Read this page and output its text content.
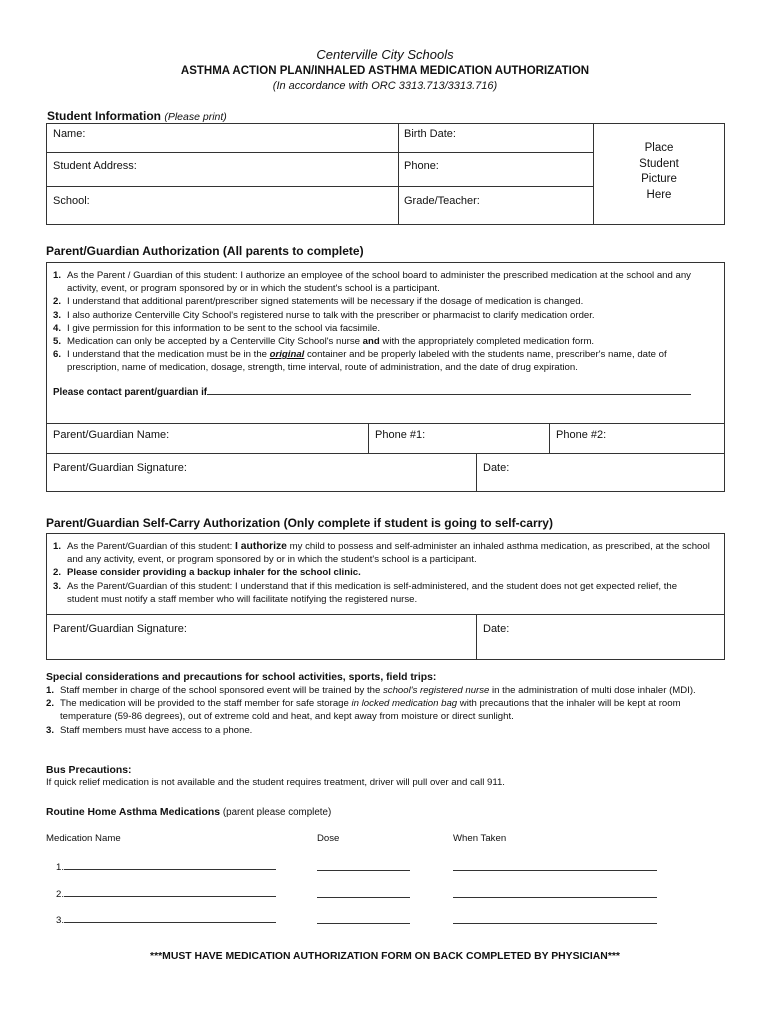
Centerville City Schools
ASTHMA ACTION PLAN/INHALED ASTHMA MEDICATION AUTHORIZATION
(In accordance with ORC 3313.713/3313.716)
Student Information (Please print)
Name:	Birth Date:
Student Address:	Phone:
School:	Grade/Teacher:
Place
Student
Picture
Here
Parent/Guardian Authorization (All parents to complete)
1. As the Parent / Guardian of this student: I authorize an employee of the school board to administer the prescribed medication at the school and any activity, event, or program sponsored by or in which the student's school is a participant.
2. I understand that additional parent/prescriber signed statements will be necessary if the dosage of medication is changed.
3. I also authorize Centerville City School's registered nurse to talk with the prescriber or pharmacist to clarify medication order.
4. I give permission for this information to be sent to the school via facsimile.
5. Medication can only be accepted by a Centerville City School's nurse and with the appropriately completed medication form.
6. I understand that the medication must be in the original container and be properly labeled with the students name, prescriber's name, date of prescription, name of medication, dosage, strength, time interval, route of administration, and the date of drug expiration.
Please contact parent/guardian if
Parent/Guardian Name:	Phone #1:	Phone #2:
Parent/Guardian Signature:	Date:
Parent/Guardian Self-Carry Authorization (Only complete if student is going to self-carry)
1. As the Parent/Guardian of this student: I authorize my child to possess and self-administer an inhaled asthma medication, as prescribed, at the school and any activity, event, or program sponsored by or in which the student's school is a participant.
2. Please consider providing a backup inhaler for the school clinic.
3. As the Parent/Guardian of this student: I understand that if this medication is self-administered, and the student does not get expected relief, the student must notify a staff member who will facilitate notifying the registered nurse.
Parent/Guardian Signature:	Date:
Special considerations and precautions for school activities, sports, field trips:
1. Staff member in charge of the school sponsored event will be trained by the school's registered nurse in the administration of multi dose inhaler (MDI).
2. The medication will be provided to the staff member for safe storage in locked medication bag with precautions that the inhaler will be kept at room temperature (59-86 degrees), out of extreme cold and heat, and kept away from moisture or direct sunlight.
3. Staff members must have access to a phone.
Bus Precautions:
If quick relief medication is not available and the student requires treatment, driver will pull over and call 911.
Routine Home Asthma Medications (parent please complete)
Medication Name	Dose	When Taken
1.
2.
3.
***MUST HAVE MEDICATION AUTHORIZATION FORM ON BACK COMPLETED BY PHYSICIAN***
